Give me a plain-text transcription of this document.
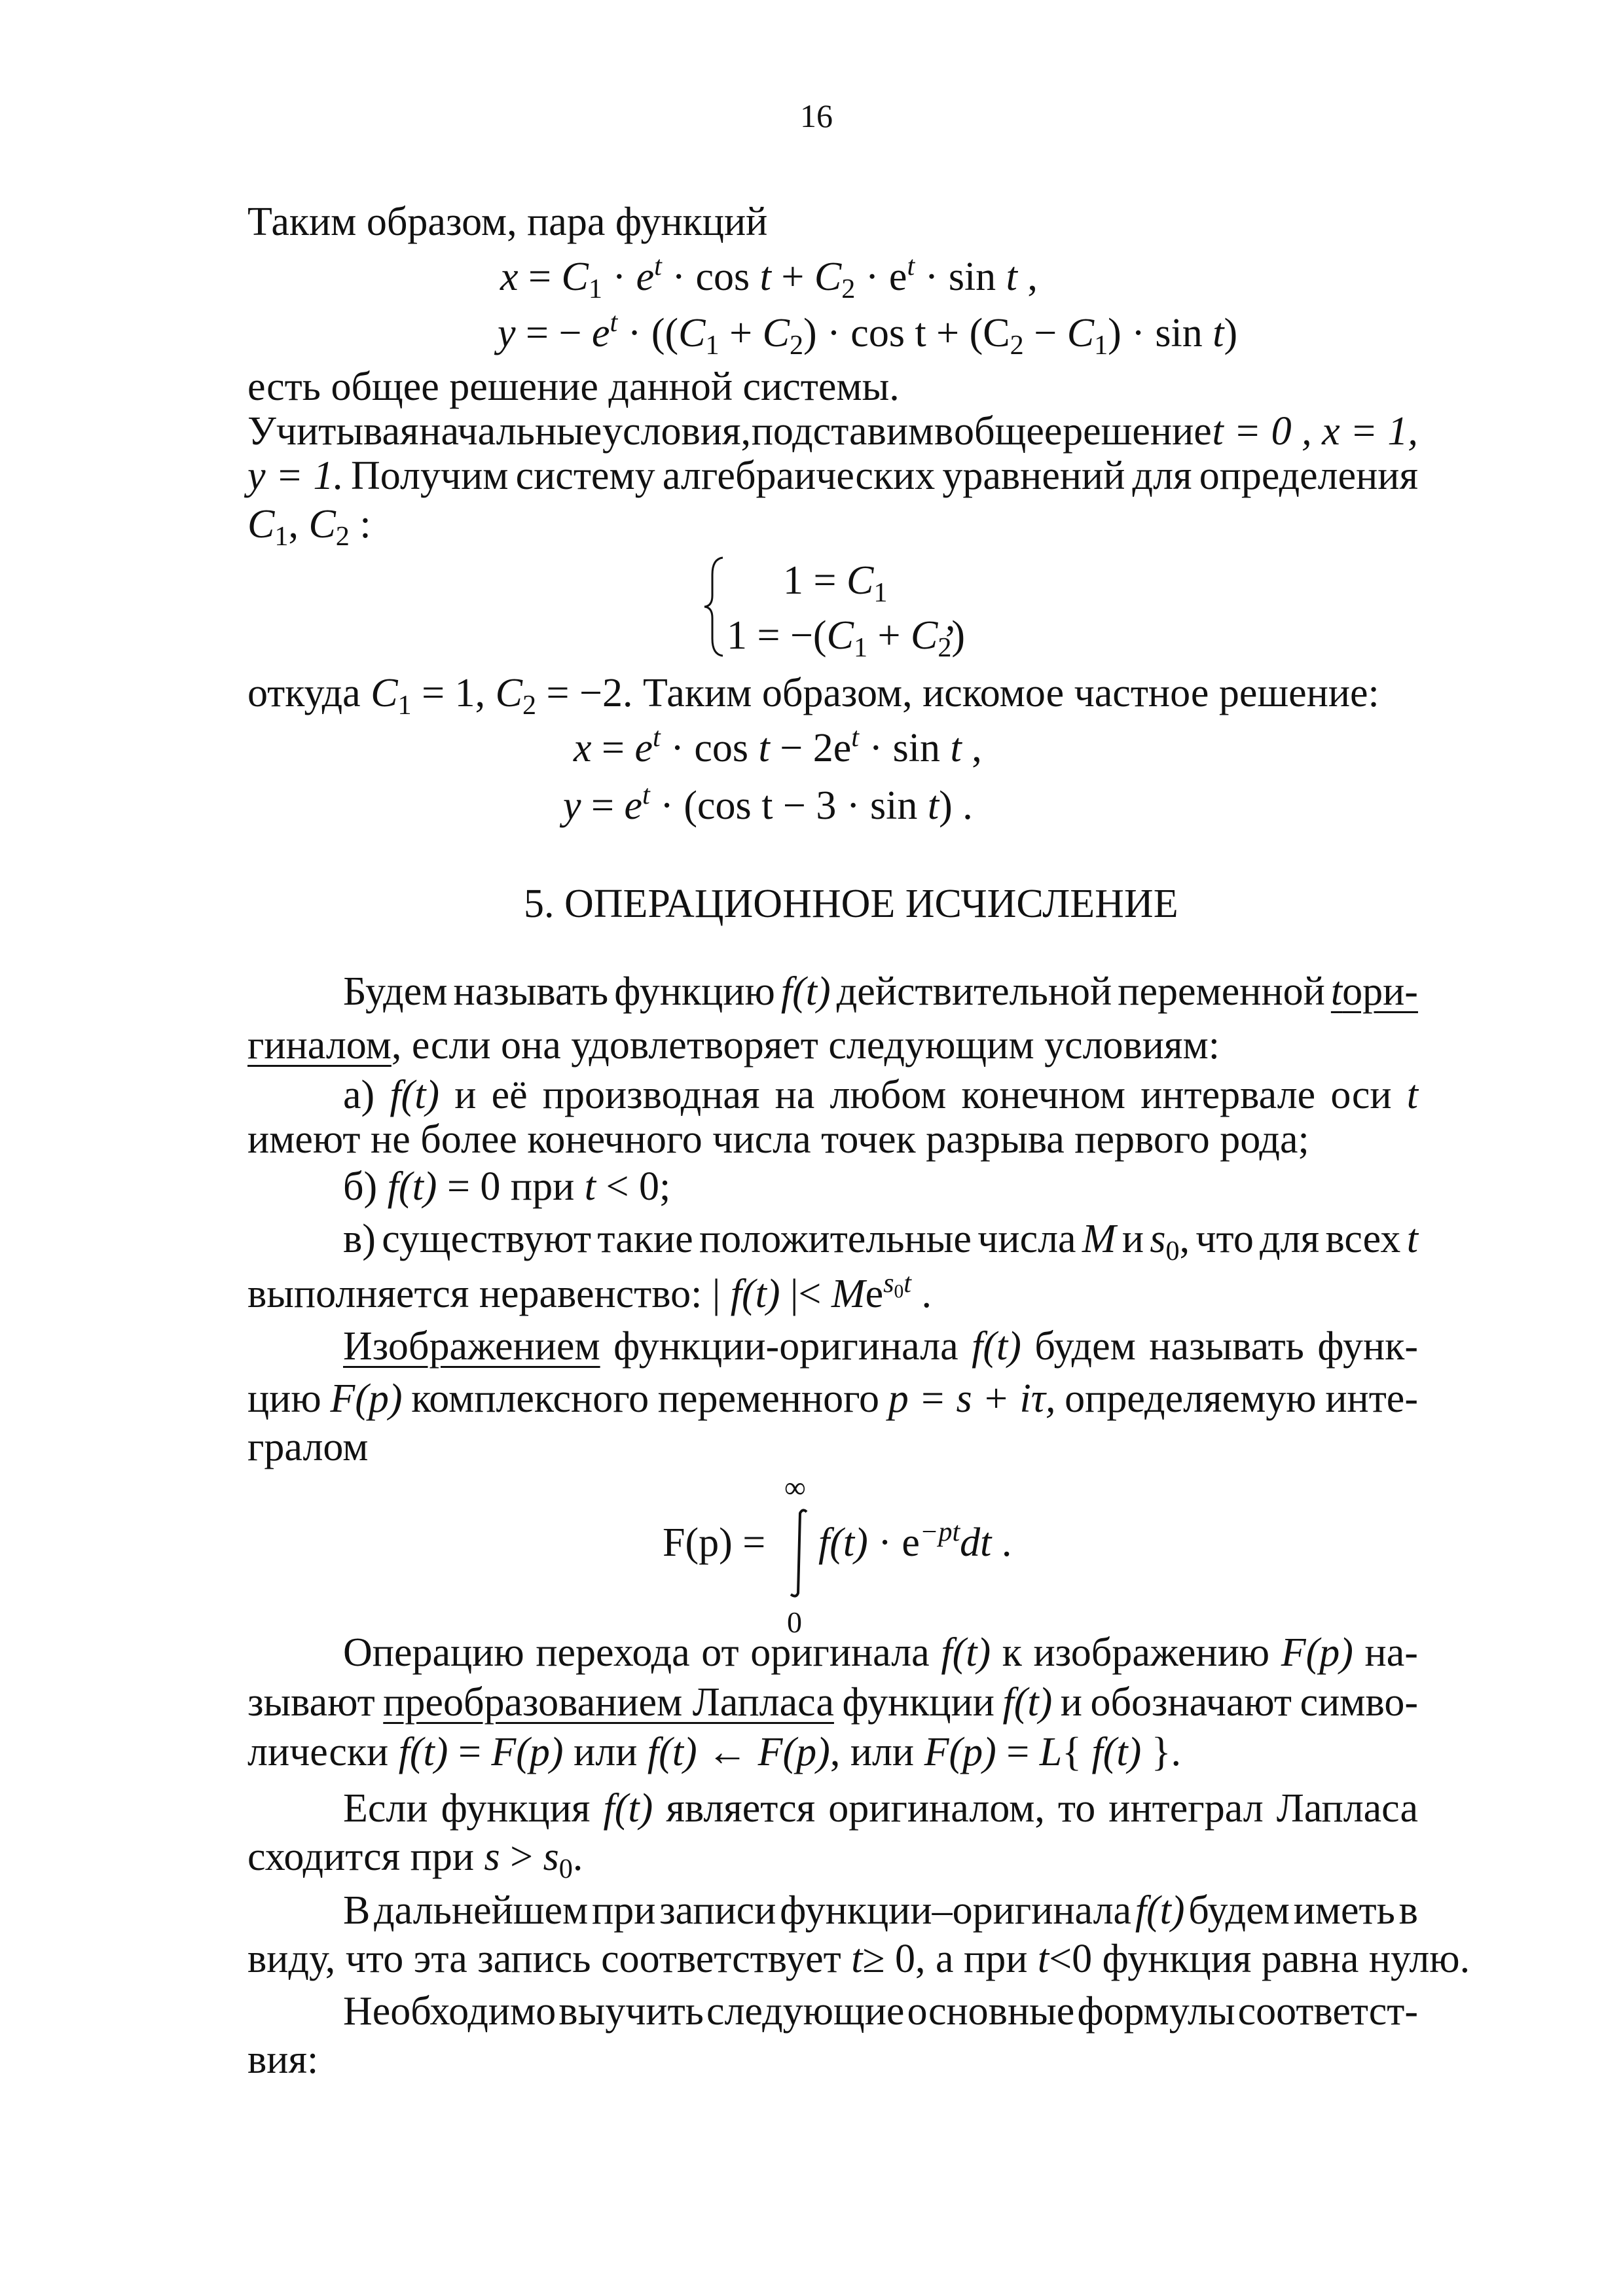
16
Таким образом, пара функций
$x = C_1 \cdot e^t \cdot \cos t + C_2 \cdot e^t \cdot \sin t$ ,
y = − $e^t \cdot ((C_1 + C_2) \cdot \cos t + (C_2 - C_1) \cdot \sin t)$
есть общее решение данной системы.
Учитывая начальные условия, подставим в общее решение t = 0 , x = 1,
y = 1. Получим систему алгебраических уравнений для определения
$C_1$, $C_2$ :
$1 = C_1$
$1 = -(C_1 + C_2)$
,
откуда $C_1 = 1$, $C_2 = -2$. Таким образом, искомое частное решение:
$x = e^t \cdot \cos t - 2e^t \cdot \sin t$ ,
$y = e^t \cdot (\cos$ t − 3 · sin t) .
5. ОПЕРАЦИОННОЕ ИСЧИСЛЕНИЕ
Будем называть функцию f(t) действительной переменной tори-
гиналом, если она удовлетворяет следующим условиям:
а) f(t) и её производная на любом конечном интервале оси t
имеют не более конечного числа точек разрыва первого рода;
б) f(t) = 0 при t < 0;
в) существуют такие положительные числа M и $s_0$, что для всех t
выполняется неравенство: | f(t) |< $Me^{s_0t}$ .
Изображением функции-оригинала f(t) будем называть функ-
цию F(p) комплексного переменного p = s + iτ, определяемую инте-
гралом
F(p) =
∞
0
$f(t) \cdot e^{-pt}dt$ .
Операцию перехода от оригинала f(t) к изображению F(p) на-
зывают преобразованием Лапласа функции f(t) и обозначают симво-
лически f(t) = F(p) или f(t) ← F(p), или F(p) = L{ f(t) }.
Если функция f(t) является оригиналом, то интеграл Лапласа
сходится при $s > s_0$.
В дальнейшем при записи функции–оригинала f(t) будем иметь в
виду, что эта запись соответствует t≥ 0, а при t<0 функция равна нулю.
Необходимо выучить следующие основные формулы соответст-
вия:
